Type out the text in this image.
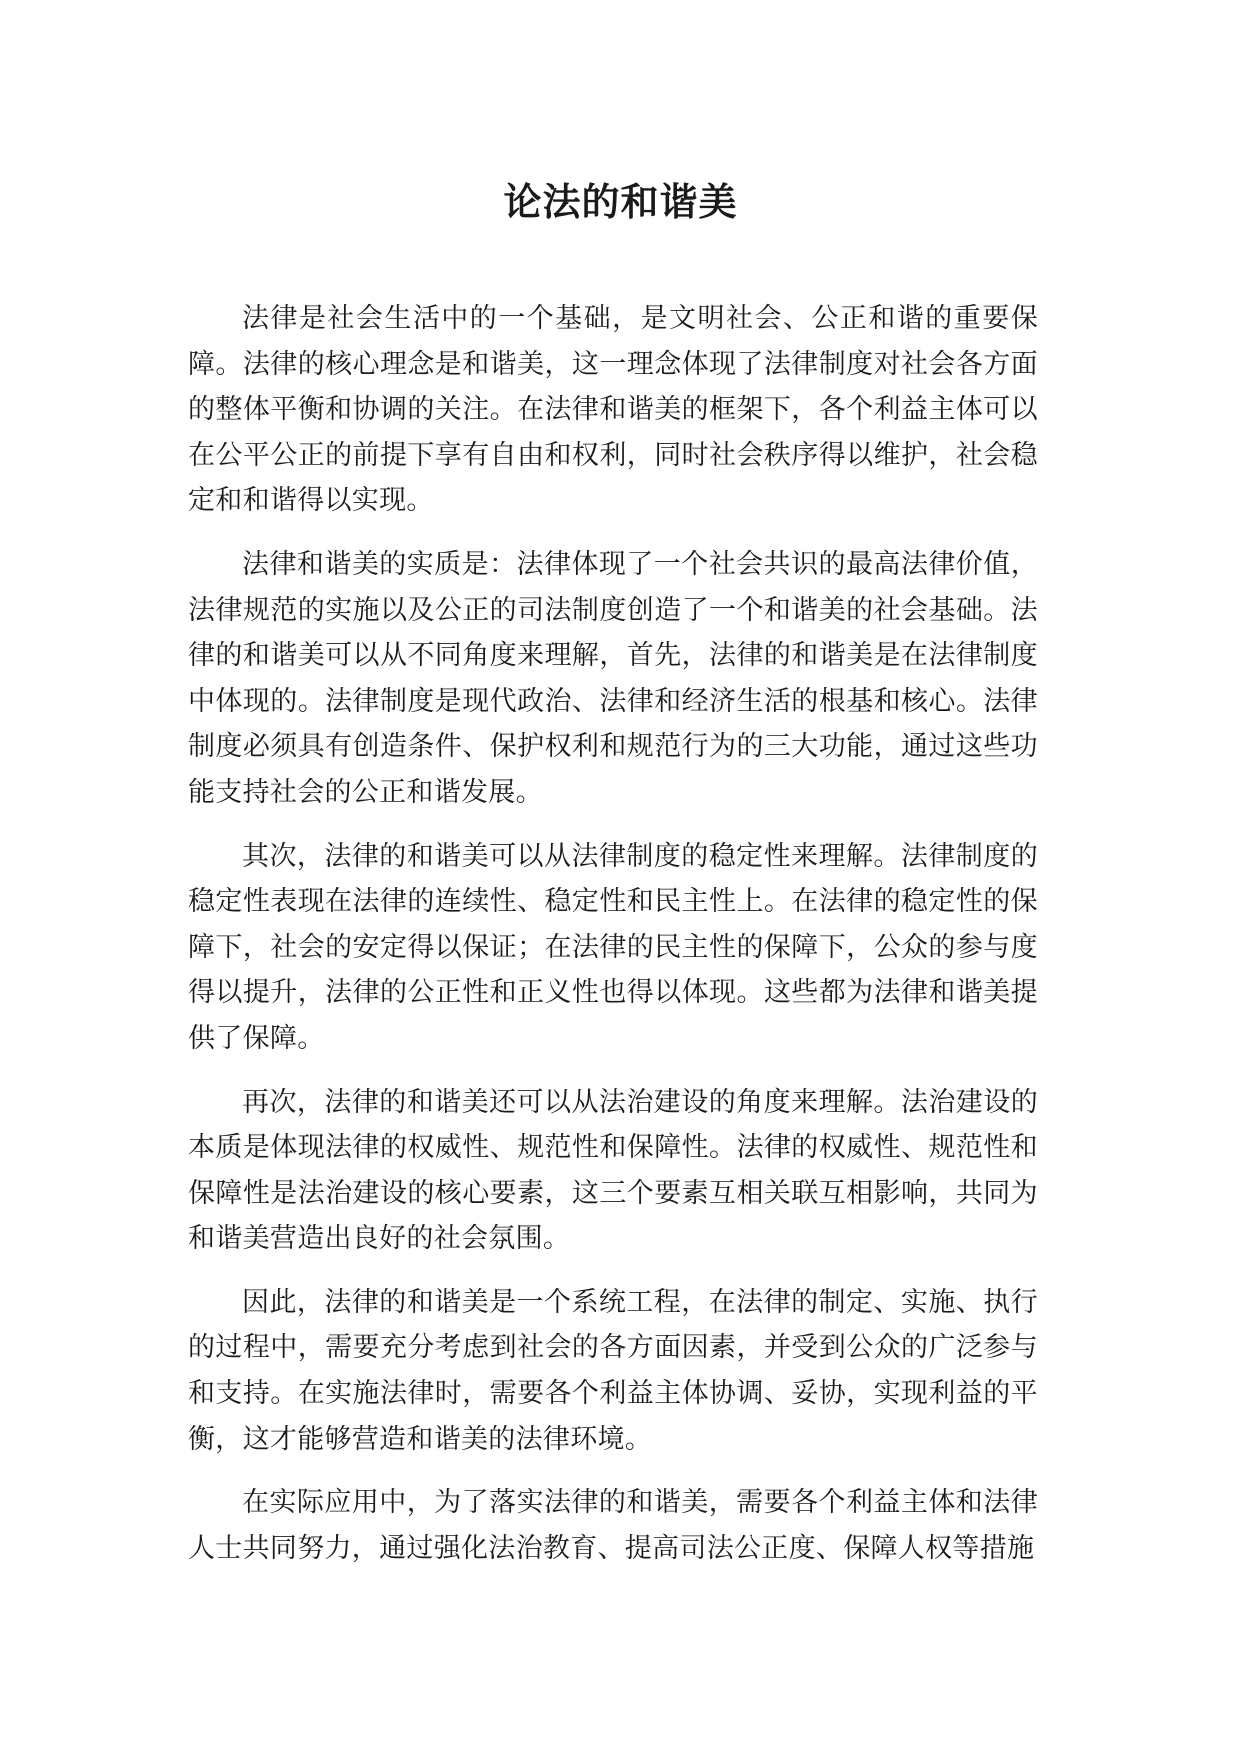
论法的和谐美

法律是社会生活中的一个基础，是文明社会、公正和谐的重要保障。法律的核心理念是和谐美，这一理念体现了法律制度对社会各方面的整体平衡和协调的关注。在法律和谐美的框架下，各个利益主体可以在公平公正的前提下享有自由和权利，同时社会秩序得以维护，社会稳定和和谐得以实现。

法律和谐美的实质是：法律体现了一个社会共识的最高法律价值，法律规范的实施以及公正的司法制度创造了一个和谐美的社会基础。法律的和谐美可以从不同角度来理解，首先，法律的和谐美是在法律制度中体现的。法律制度是现代政治、法律和经济生活的根基和核心。法律制度必须具有创造条件、保护权利和规范行为的三大功能，通过这些功能支持社会的公正和谐发展。

其次，法律的和谐美可以从法律制度的稳定性来理解。法律制度的稳定性表现在法律的连续性、稳定性和民主性上。在法律的稳定性的保障下，社会的安定得以保证；在法律的民主性的保障下，公众的参与度得以提升，法律的公正性和正义性也得以体现。这些都为法律和谐美提供了保障。

再次，法律的和谐美还可以从法治建设的角度来理解。法治建设的本质是体现法律的权威性、规范性和保障性。法律的权威性、规范性和保障性是法治建设的核心要素，这三个要素互相关联互相影响，共同为和谐美营造出良好的社会氛围。

因此，法律的和谐美是一个系统工程，在法律的制定、实施、执行的过程中，需要充分考虑到社会的各方面因素，并受到公众的广泛参与和支持。在实施法律时，需要各个利益主体协调、妥协，实现利益的平衡，这才能够营造和谐美的法律环境。

在实际应用中，为了落实法律的和谐美，需要各个利益主体和法律人士共同努力，通过强化法治教育、提高司法公正度、保障人权等措施
